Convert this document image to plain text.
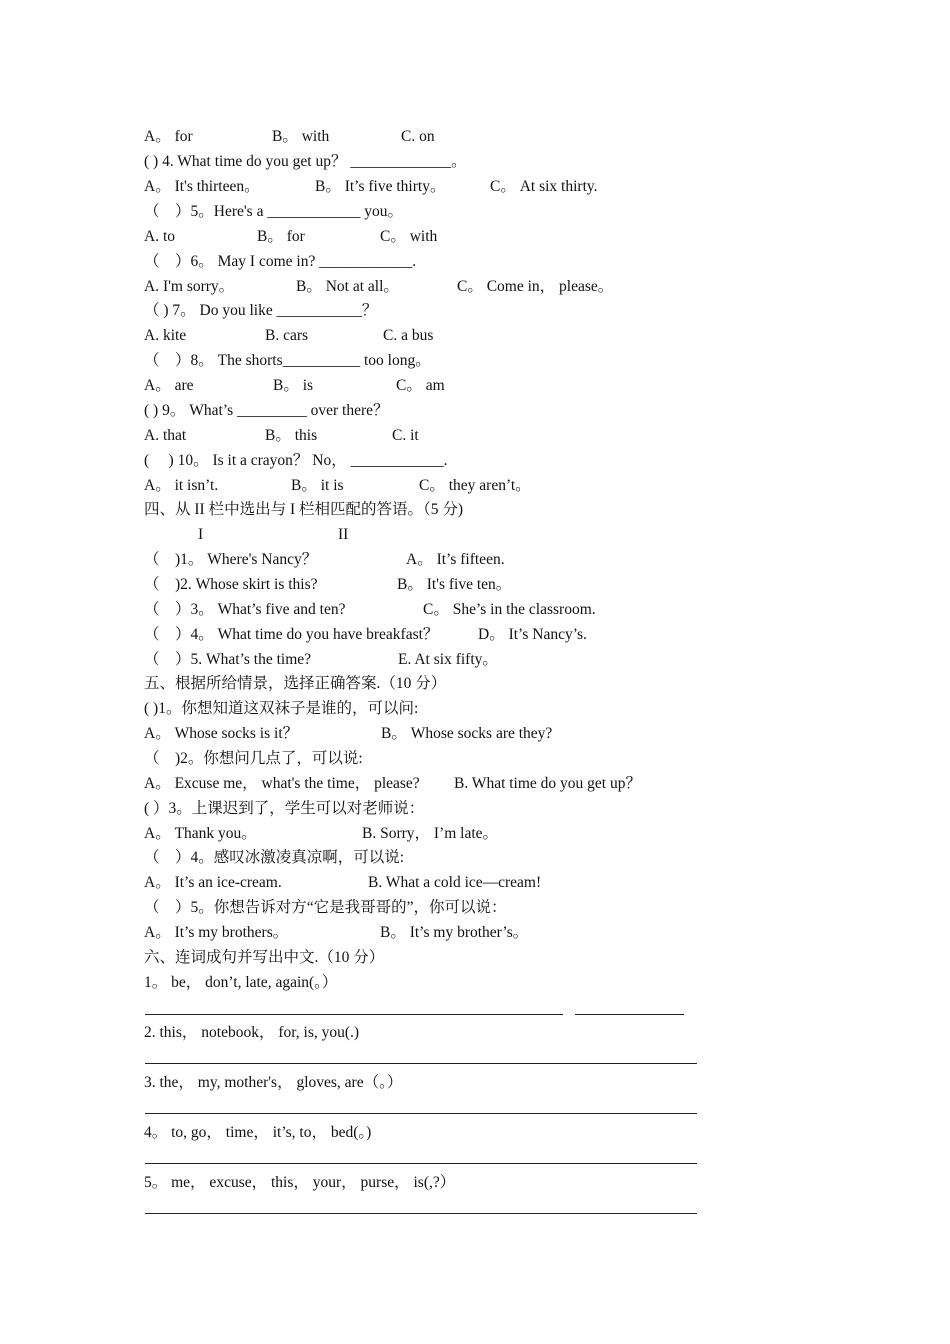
A。 for

	B。 with

	C. on

( ) 4. What time do you get up？ _____________。

A。 It's thirteen。

	B。 It’s five thirty。

	C。 At six thirty.

（　）5。Here's a ____________ you。

A. to

	B。 for

	C。 with

（　）6。 May I come in? ____________.

A. I'm sorry。

	B。 Not at all。

	C。 Come in， please。

（ ) 7。 Do you like ___________？

A. kite

	B. cars

	C. a bus

（　）8。 The shorts__________ too long。

A。 are

	B。 is

	C。 am

( ) 9。 What’s _________ over there？

A. that

	B。 this

	C. it

( 　) 10。 Is it a crayon？ No， ____________.

A。 it isn’t.

	B。 it is

	C。 they aren’t。

四、从 II 栏中选出与 I 栏相匹配的答语。（5 分)

I

	II

（　)1。 Where's Nancy？

	A。 It’s fifteen.

（　)2. Whose skirt is this?

	B。 It's five ten。

（　）3。 What’s five and ten?

	C。 She’s in the classroom.

（　）4。 What time do you have breakfast？

	D。 It’s Nancy’s.

（　）5. What’s the time?

	E. At six fifty。

五、根据所给情景，选择正确答案.（10 分）
( )1。你想知道这双袜子是谁的，可以问:

A。 Whose socks is it？

	B。 Whose socks are they?

（　)2。你想问几点了，可以说:

A。 Excuse me， what's the time， please?

B. What time do you get up？

( ）3。上课迟到了，学生可以对老师说：

A。 Thank you。

	B. Sorry， I’m late。

（　）4。感叹冰激凌真凉啊，可以说:

A。 It’s an ice-cream.

	B. What a cold ice—cream!

（　）5。你想告诉对方“它是我哥哥的”，你可以说：

A。 It’s my brothers。

	B。 It’s my brother’s。

六、连词成句并写出中文.（10 分）
1。 be， don’t, late, again(。）
2. this， notebook， for, is, you(.)
3. the， my, mother's， gloves, are（。）
4。 to, go， time， it’s, to， bed(。)
5。 me， excuse， this， your， purse， is(,?）
